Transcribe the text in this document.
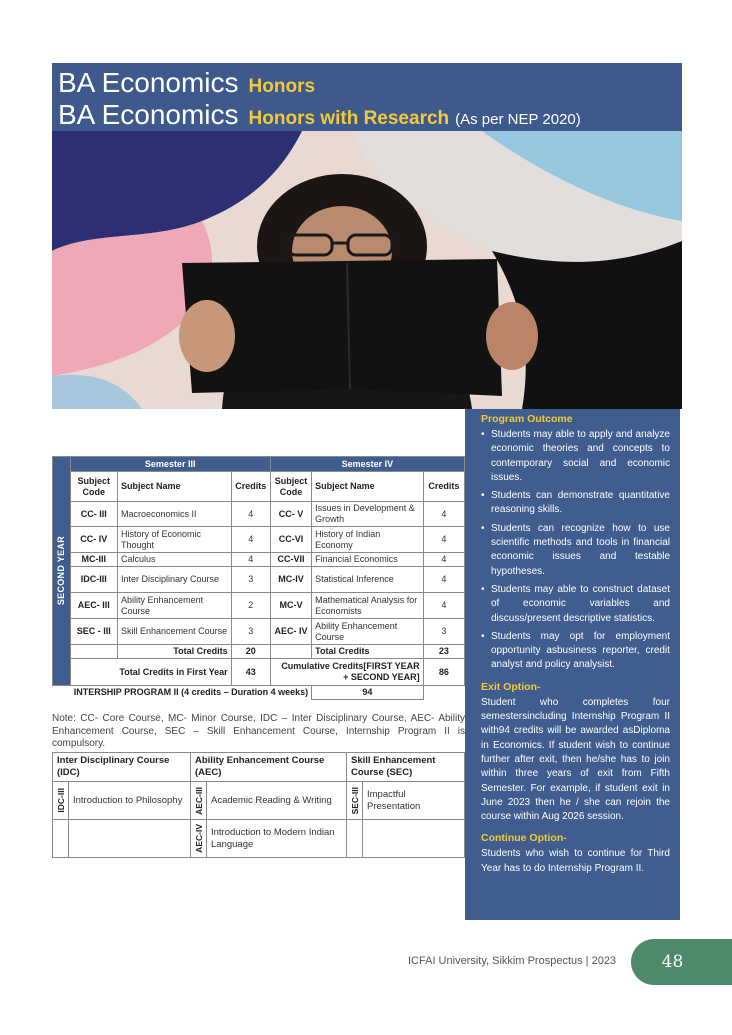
BA Economics Honors
BA Economics Honors with Research (As per NEP 2020)
SECOND YEAR	Semester III			Semester IV		
	Subject Code	Subject Name	Credits	Subject Code	Subject Name	Credits
	CC- III	Macroeconomics II	4	CC- V	Issues in Development & Growth	4
	CC- IV	History of Economic Thought	4	CC-VI	History of Indian Economy	4
	MC-III	Calculus	4	CC-VII	Financial Economics	4
	IDC-III	Inter Disciplinary Course	3	MC-IV	Statistical Inference	4
	AEC- III	Ability Enhancement Course	2	MC-V	Mathematical Analysis for Economists	4
	SEC - III	Skill Enhancement Course	3	AEC- IV	Ability Enhancement Course	3
		Total Credits	20		Total Credits	23
	Total Credits in First Year		43	Cumulative Credits[FIRST YEAR + SECOND YEAR]		86
INTERSHIP PROGRAM II (4 credits – Duration 4 weeks)					94	

Note: CC- Core Course, MC- Minor Course, IDC – Inter Disciplinary Course, AEC- Ability Enhancement Course, SEC – Skill Enhancement Course, Internship Program II is compulsory.

Inter Disciplinary Course (IDC)		Ability Enhancement Course (AEC)		Skill Enhancement Course (SEC)	

IDC-III	Introduction to Philosophy	AEC-III	Academic Reading & Writing	SEC-III	Impactful Presentation

		AEC-IV	Introduction to Modern Indian Language		
Program Outcome
• Students may able to apply and analyze economic theories and concepts to contemporary social and economic issues.
• Students can demonstrate quantitative reasoning skills.
• Students can recognize how to use scientific methods and tools in financial economic issues and testable hypotheses.
• Students may able to construct dataset of economic variables and discuss/present descriptive statistics.
• Students may opt for employment opportunity asbusiness reporter, credit analyst and policy analysist.
Exit Option-

Student who completes four semestersincluding Internship Program II with94 credits will be awarded asDiploma in Economics. If student wish to continue further after exit, then he/she has to join within three years of exit from Fifth Semester. For example, if student exit in June 2023 then he / she can rejoin the course within Aug 2026 session.

Continue Option-

Students who wish to continue for Third Year has to do Internship Program II.

ICFAI University, Sikkim Prospectus | 2023	48
